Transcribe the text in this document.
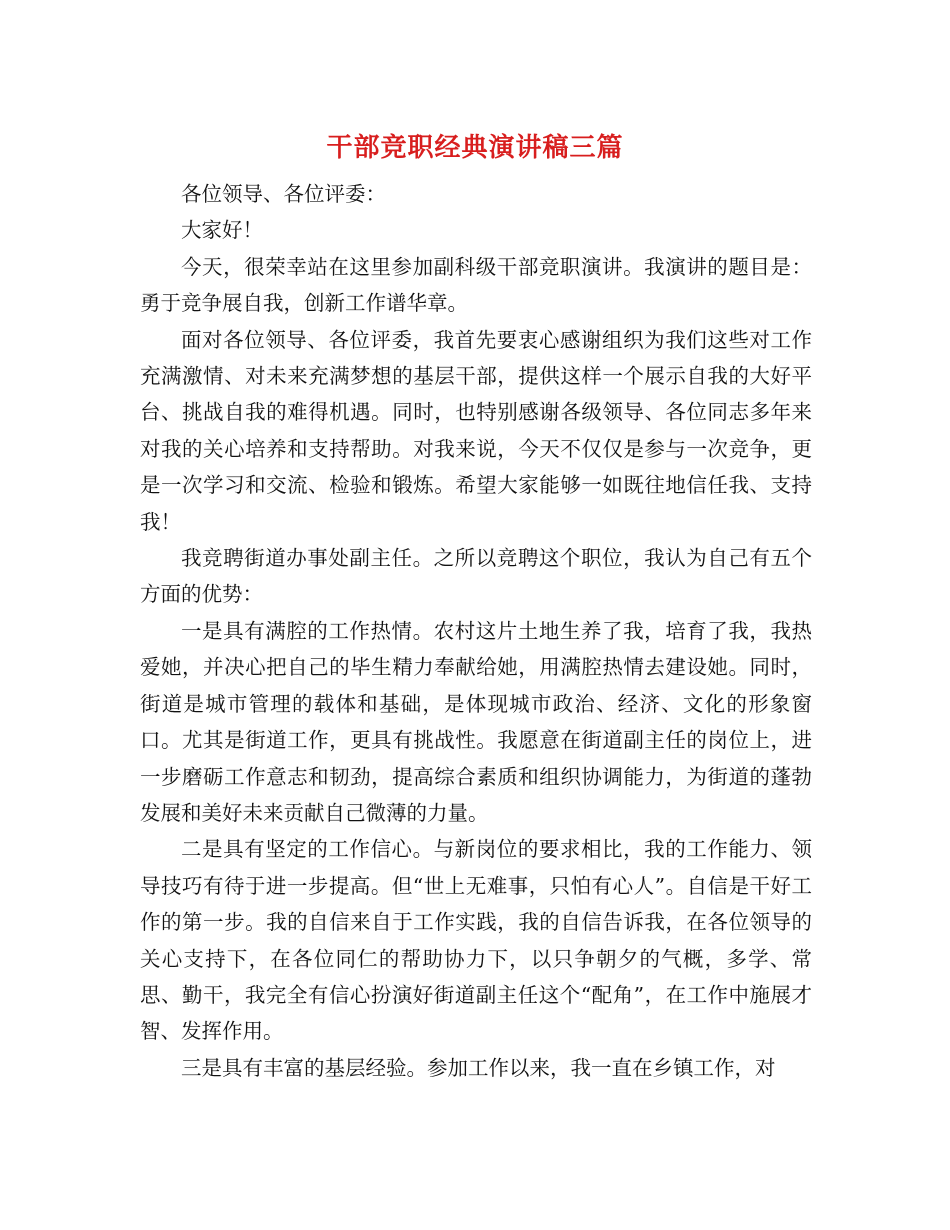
干部竞职经典演讲稿三篇

各位领导、各位评委：

大家好！

今天，很荣幸站在这里参加副科级干部竞职演讲。我演讲的题目是：勇于竞争展自我，创新工作谱华章。

面对各位领导、各位评委，我首先要衷心感谢组织为我们这些对工作充满激情、对未来充满梦想的基层干部，提供这样一个展示自我的大好平台、挑战自我的难得机遇。同时，也特别感谢各级领导、各位同志多年来对我的关心培养和支持帮助。对我来说，今天不仅仅是参与一次竞争，更是一次学习和交流、检验和锻炼。希望大家能够一如既往地信任我、支持我！

我竞聘街道办事处副主任。之所以竞聘这个职位，我认为自己有五个方面的优势：

一是具有满腔的工作热情。农村这片土地生养了我，培育了我，我热爱她，并决心把自己的毕生精力奉献给她，用满腔热情去建设她。同时，街道是城市管理的载体和基础，是体现城市政治、经济、文化的形象窗口。尤其是街道工作，更具有挑战性。我愿意在街道副主任的岗位上，进一步磨砺工作意志和韧劲，提高综合素质和组织协调能力，为街道的蓬勃发展和美好未来贡献自己微薄的力量。

二是具有坚定的工作信心。与新岗位的要求相比，我的工作能力、领导技巧有待于进一步提高。但“世上无难事，只怕有心人”。自信是干好工作的第一步。我的自信来自于工作实践，我的自信告诉我，在各位领导的关心支持下，在各位同仁的帮助协力下，以只争朝夕的气概，多学、常思、勤干，我完全有信心扮演好街道副主任这个“配角”，在工作中施展才智、发挥作用。

三是具有丰富的基层经验。参加工作以来，我一直在乡镇工作，对
